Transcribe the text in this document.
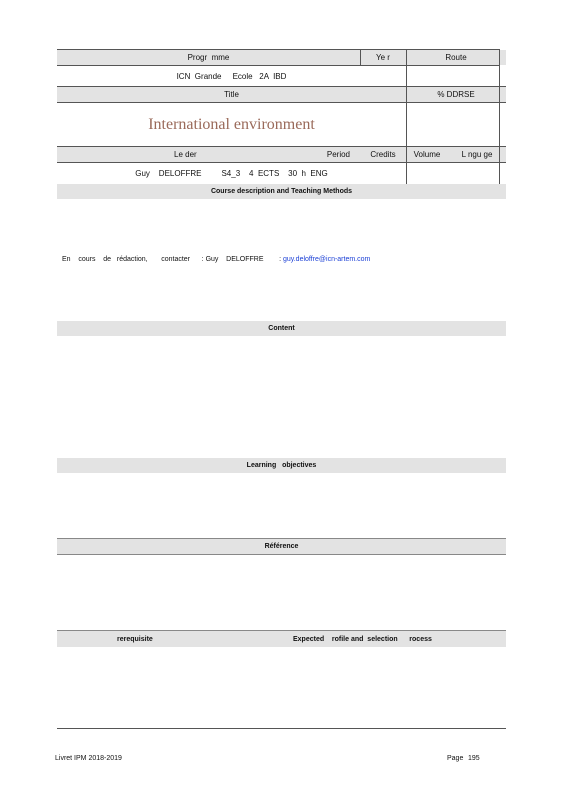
Progr  mme	Ye r	Route
ICN  Grande     Ecole   2A  IBD
Title	% DDRSE
International environment
Le der	Period	Credits	Volume	L ngu ge
Guy    DELOFFRE         S4_3    4  ECTS    30  h  ENG
Course description and Teaching Methods
En    cours    de   rédaction,       contacter      : Guy    DELOFFRE        : guy.deloffre@icn-artem.com
Content
Learning   objectives
Référence
rerequisite	Expected    rofile and  selection      rocess
Livret IPM 2018-2019	Page 195
